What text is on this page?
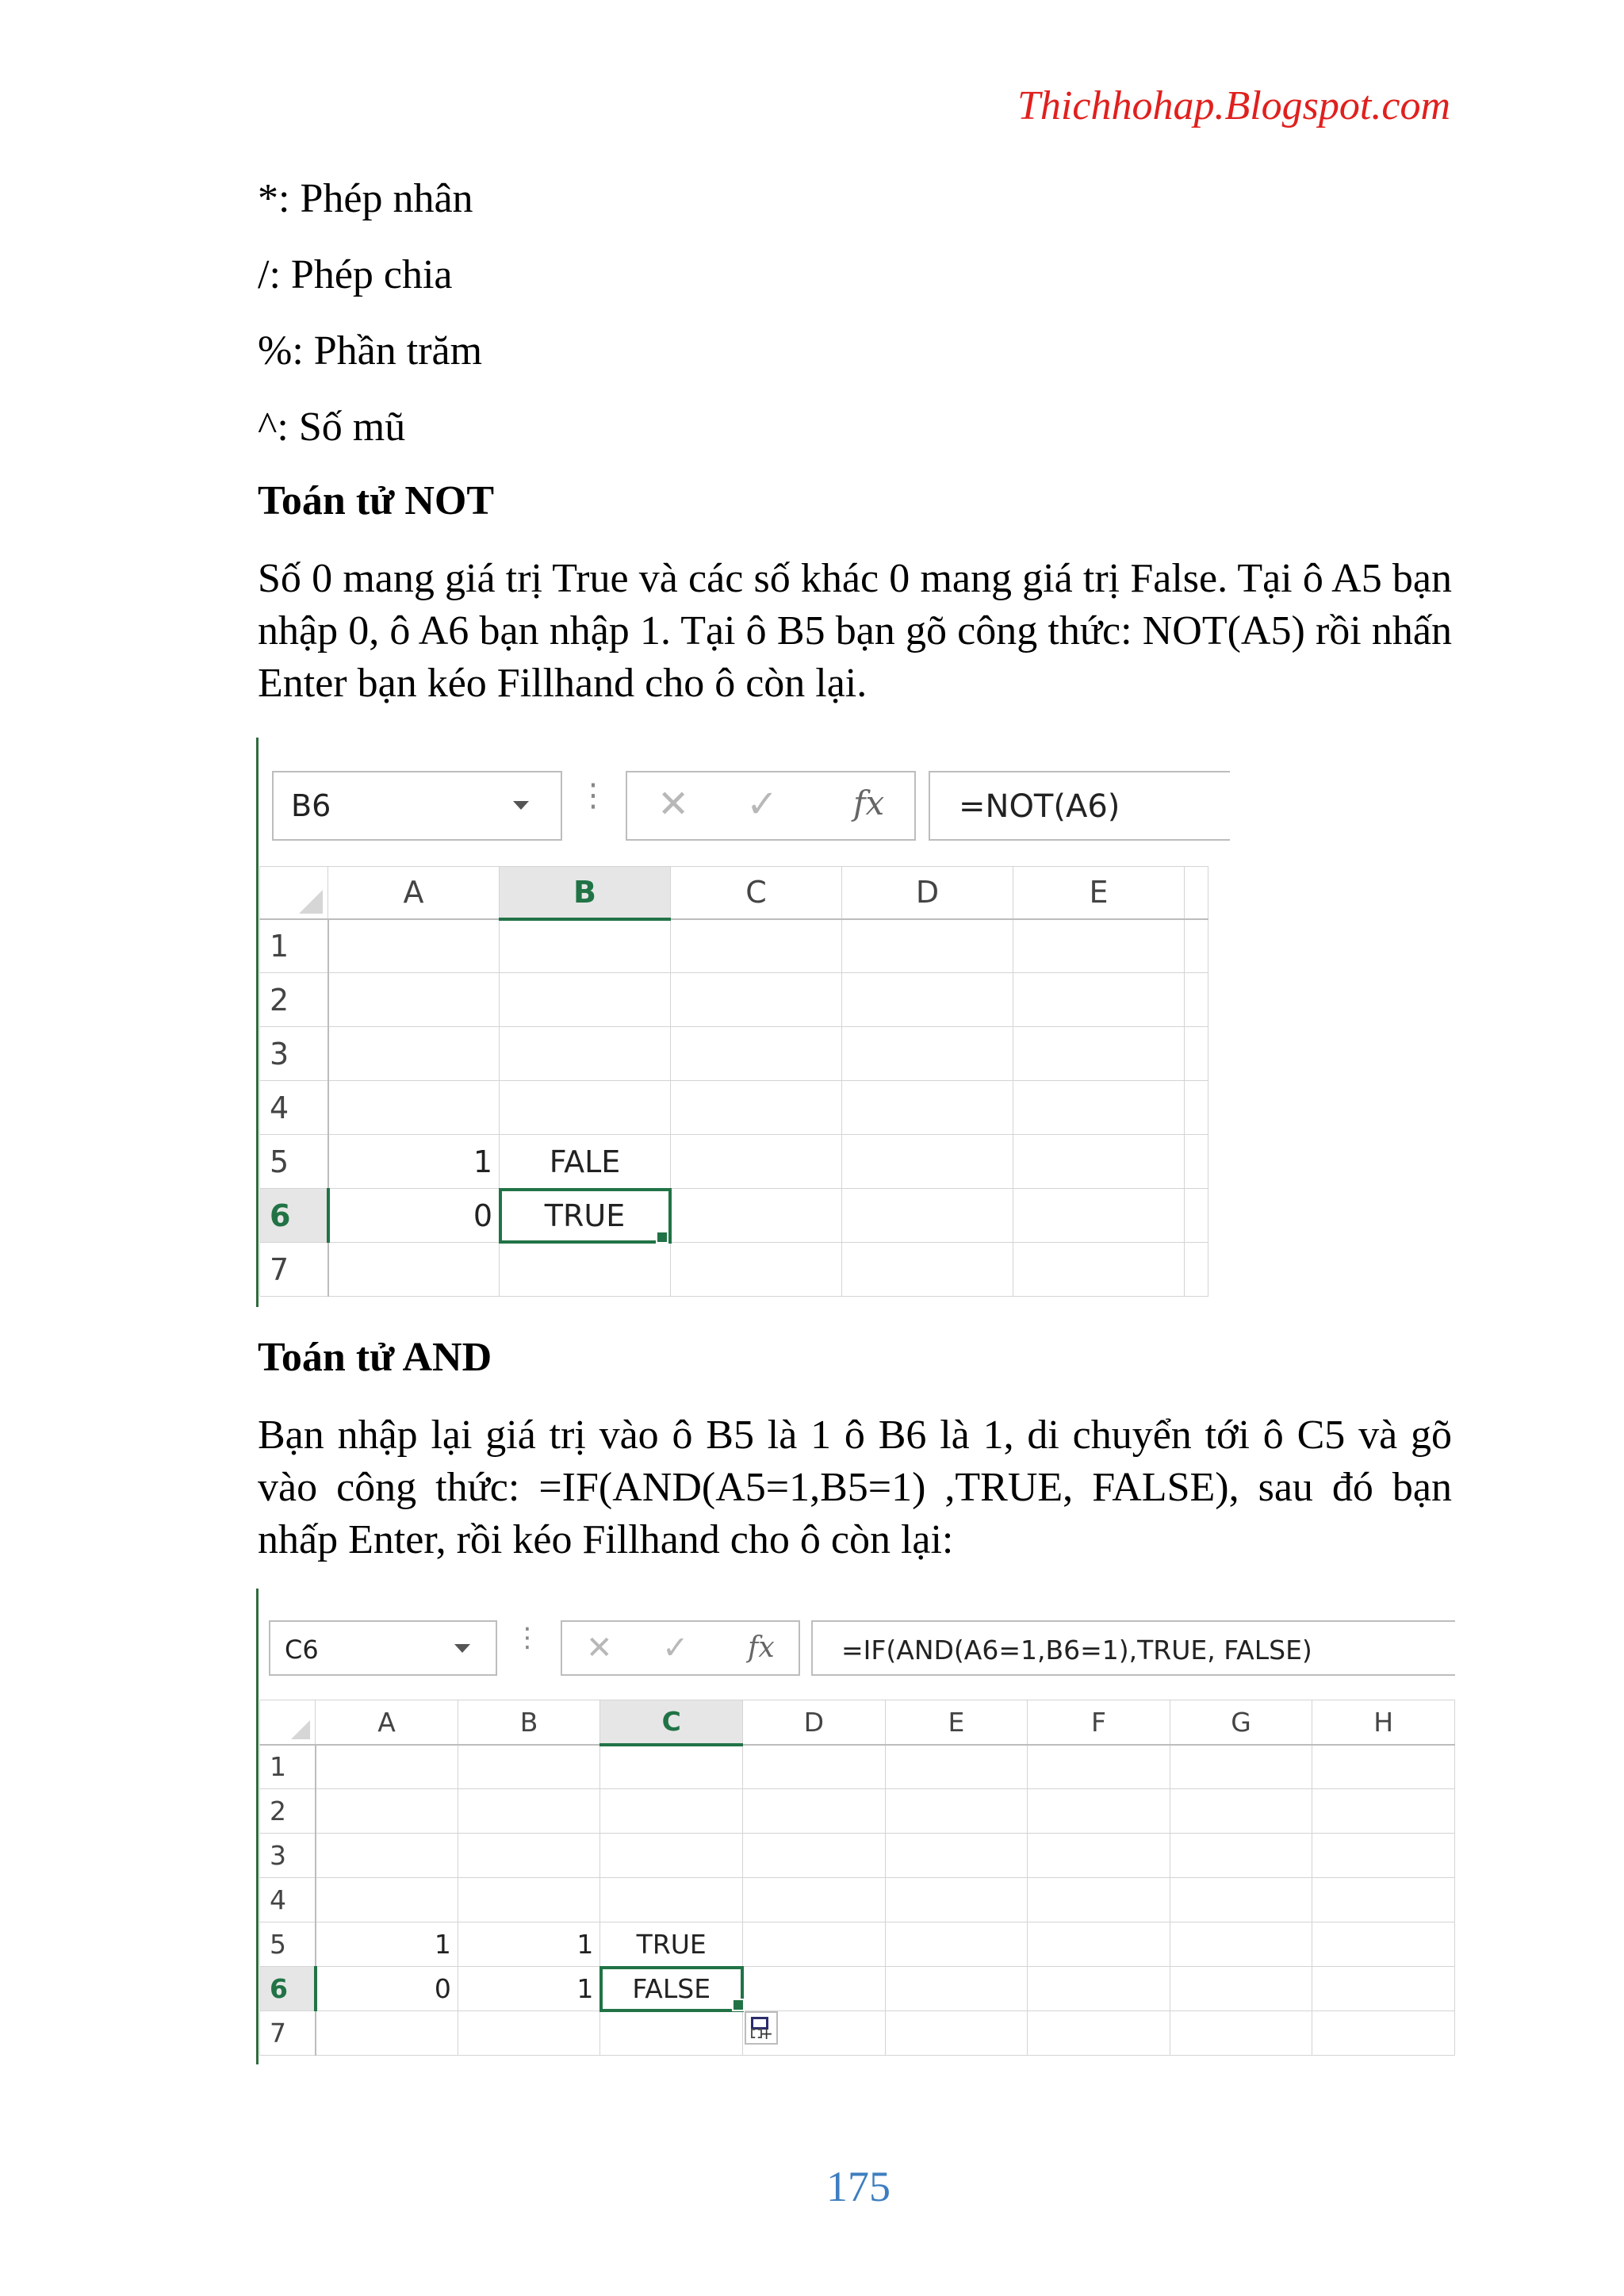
Thichhohap.Blogspot.com
*: Phép nhân
/: Phép chia
%: Phần trăm
^: Số mũ
Toán tử NOT
Số 0 mang giá trị True và các số khác 0 mang giá trị False. Tại ô A5 bạn nhập 0, ô A6 bạn nhập 1. Tại ô B5 bạn gõ công thức: NOT(A5) rồi nhấn Enter bạn kéo Fillhand cho ô còn lại.
B6	⋮ ✕ ✓ fx =NOT(A6)
	A	B	C	D	E	
1						
2						
3						
4						
5	1	FALE				
6	0	TRUE				
7						
Toán tử AND
Bạn nhập lại giá trị vào ô B5 là 1 ô B6 là 1, di chuyển tới ô C5 và gõ vào công thức: =IF(AND(A5=1,B5=1) ,TRUE, FALSE), sau đó bạn nhấp Enter, rồi kéo Fillhand cho ô còn lại:
C6	⋮ ✕ ✓ fx	=IF(AND(A6=1,B6=1),TRUE, FALSE)
	A	B	C	D	E	F	G	H
1								
2								
3								
4								
5	1	1	TRUE					
6	0	1	FALSE					
7									+
175
